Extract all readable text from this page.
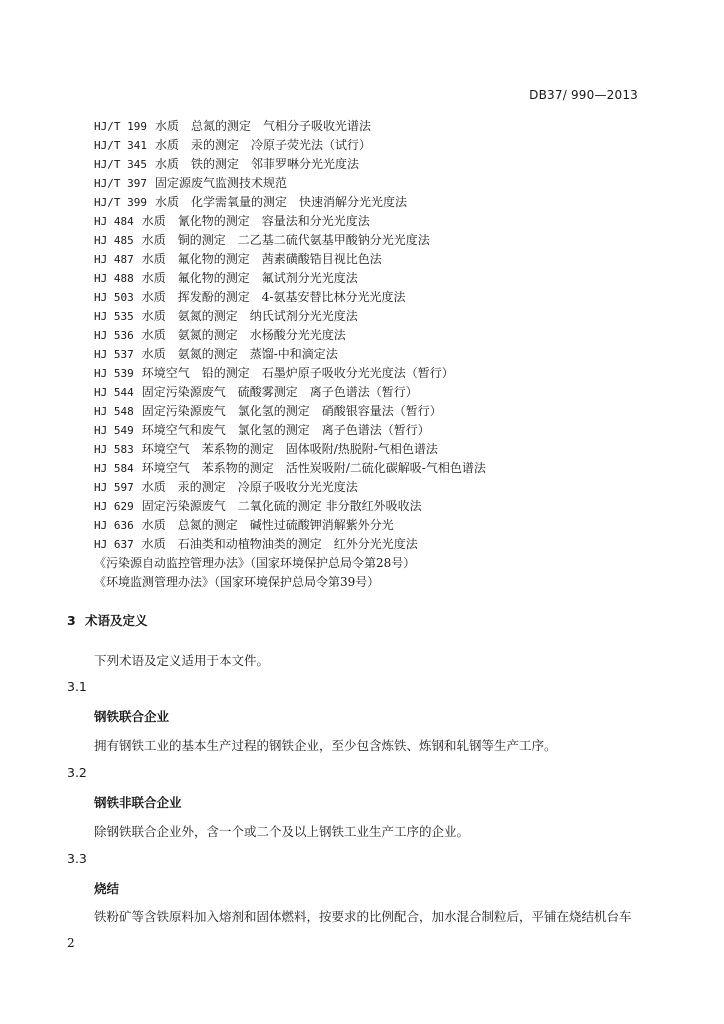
DB37/ 990—2013
HJ/T 199 水质　总氮的测定　气相分子吸收光谱法
HJ/T 341 水质　汞的测定　冷原子荧光法（试行）
HJ/T 345 水质　铁的测定　邻菲罗啉分光光度法
HJ/T 397 固定源废气监测技术规范
HJ/T 399 水质　化学需氧量的测定　快速消解分光光度法
HJ 484 水质　氰化物的测定　容量法和分光光度法
HJ 485 水质　铜的测定　二乙基二硫代氨基甲酸钠分光光度法
HJ 487 水质　氟化物的测定　茜素磺酸锆目视比色法
HJ 488 水质　氟化物的测定　氟试剂分光光度法
HJ 503 水质　挥发酚的测定　4-氨基安替比林分光光度法
HJ 535 水质　氨氮的测定　纳氏试剂分光光度法
HJ 536 水质　氨氮的测定　水杨酸分光光度法
HJ 537 水质　氨氮的测定　蒸馏-中和滴定法
HJ 539 环境空气　铅的测定　石墨炉原子吸收分光光度法（暂行）
HJ 544 固定污染源废气　硫酸雾测定　离子色谱法（暂行）
HJ 548 固定污染源废气　氯化氢的测定　硝酸银容量法（暂行）
HJ 549 环境空气和废气　氯化氢的测定　离子色谱法（暂行）
HJ 583 环境空气　苯系物的测定　固体吸附/热脱附-气相色谱法
HJ 584 环境空气　苯系物的测定　活性炭吸附/二硫化碳解吸-气相色谱法
HJ 597 水质　汞的测定　冷原子吸收分光光度法
HJ 629 固定污染源废气　二氧化硫的测定 非分散红外吸收法
HJ 636 水质　总氮的测定　碱性过硫酸钾消解紫外分光
HJ 637 水质　石油类和动植物油类的测定　红外分光光度法
《污染源自动监控管理办法》（国家环境保护总局令第28号）
《环境监测管理办法》（国家环境保护总局令第39号）
3 术语及定义
下列术语及定义适用于本文件。
3.1
钢铁联合企业
拥有钢铁工业的基本生产过程的钢铁企业，至少包含炼铁、炼钢和轧钢等生产工序。
3.2
钢铁非联合企业
除钢铁联合企业外，含一个或二个及以上钢铁工业生产工序的企业。
3.3
烧结
铁粉矿等含铁原料加入熔剂和固体燃料，按要求的比例配合，加水混合制粒后，平铺在烧结机台车
2
